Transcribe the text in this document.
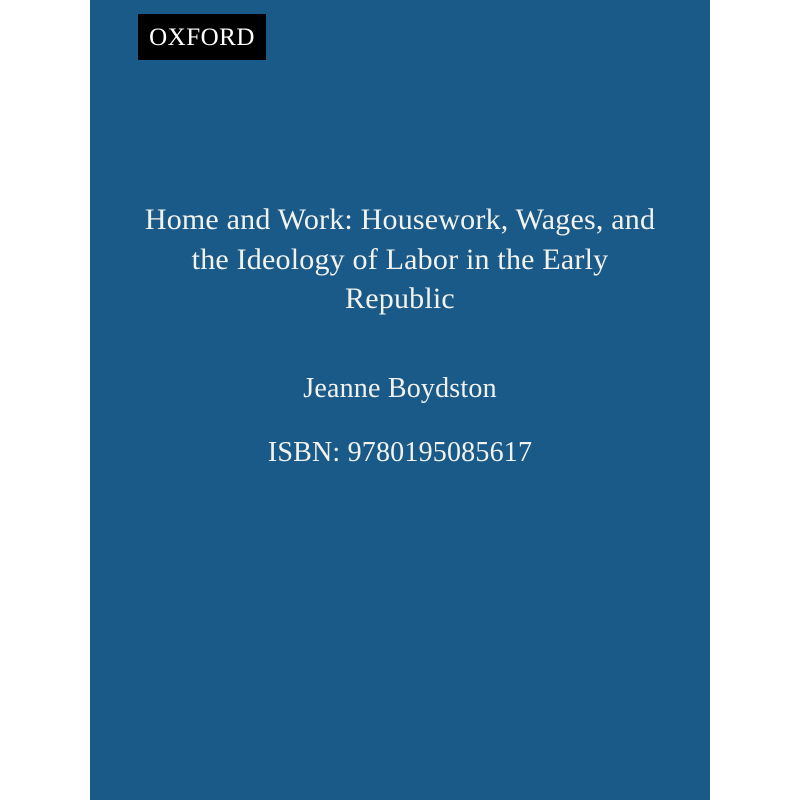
OXFORD
Home and Work: Housework, Wages, and the Ideology of Labor in the Early Republic
Jeanne Boydston
ISBN: 9780195085617
